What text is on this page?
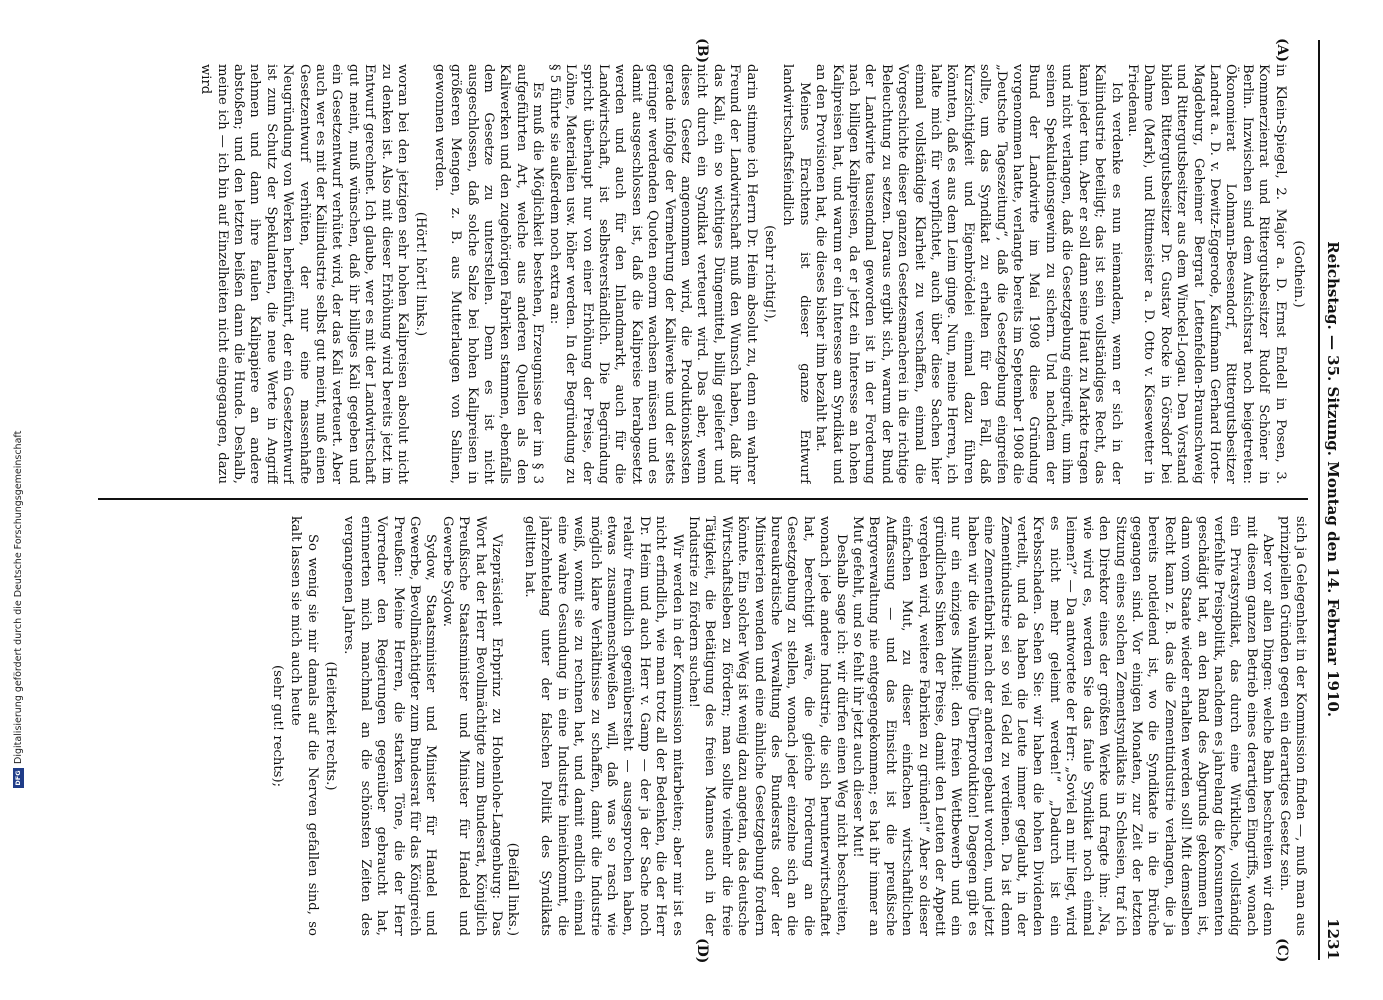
DFG
Digitalisierung gefördert durch die Deutsche Forschungsgemeinschaft	Reichstag. — 35. Sitzung. Montag den 14. Februar 1910.
1231
(A)
(B)
(C)
(D)

(Gothein.)

in Klein-Spiegel, 2. Major a. D. Ernst Endell in Posen, 3. Kommerzienrat und Rittergutsbesitzer Rudolf Schöner in Berlin. Inzwischen sind dem Aufsichtsrat noch beigetreten: Ökonomierat Lohmann-Beesendorf, Rittergutsbesitzer Landrat a. D. v. Dewitz-Eggerode, Kaufmann Gerhard Horte-Magdeburg, Geheimer Bergrat Lettenfelden-Braunschweig und Rittergutsbesitzer aus dem Winckel-Logau. Den Vorstand bilden Rittergutsbesitzer Dr. Gustav Rocke in Görsdorf bei Dahme (Mark), und Rittmeister a. D. Otto v. Kiesewetter in Friedenau.

Ich verdenke es nun niemandem, wenn er sich in der Kaliindustrie beteiligt; das ist sein vollständiges Recht, das kann jeder tun. Aber er soll dann seine Haut zu Markte tragen und nicht verlangen, daß die Gesetzgebung eingreift, um ihm seinen Spekulationsgewinn zu sichern. Und nachdem der Bund der Landwirte im Mai 1908 diese Gründung vorgenommen hatte, verlangte bereits im September 1908 die „Deutsche Tageszeitung“, daß die Gesetzgebung eingreifen sollte, um das Syndikat zu erhalten für den Fall, daß Kurzsichtigkeit und Eigenbrödelei einmal dazu führen könnten, daß es aus dem Leim ginge. Nun, meine Herren, ich halte mich für verpflichtet, auch über diese Sachen hier einmal vollständige Klarheit zu verschaffen, einmal die Vorgeschichte dieser ganzen Gesetzesmacherei in die richtige Beleuchtung zu setzen. Daraus ergibt sich, warum der Bund der Landwirte tausendmal geworden ist in der Forderung nach billigen Kalipreisen, da er jetzt ein Interesse an hohen Kalipreisen hat, und warum er ein Interesse am Syndikat und an den Provisionen hat, die dieses bisher ihm bezahlt hat.

Meines Erachtens ist dieser ganze Entwurf landwirtschaftsfeindlich

(sehr richtig!),

darin stimme ich Herrn Dr. Heim absolut zu, denn ein wahrer Freund der Landwirtschaft muß den Wunsch haben, daß ihr das Kali, ein so wichtiges Düngemittel, billig geliefert und nicht durch ein Syndikat verteuert wird. Das aber, wenn dieses Gesetz angenommen wird, die Produktionskosten gerade infolge der Vermehrung der Kaliwerke und der stets geringer werdenden Quoten enorm wachsen müssen und es damit ausgeschlossen ist, daß die Kalipreise herabgesetzt werden und auch für den Inlandmarkt, auch für die Landwirtschaft, ist selbstverständlich. Die Begründung spricht überhaupt nur von einer Erhöhung der Preise, der Löhne, Materialien usw. höher werden. In der Begründung zu § 5 führte sie außerdem noch extra an:

Es muß die Möglichkeit bestehen, Erzeugnisse der im § 3 aufgeführten Art, welche aus anderen Quellen als den Kaliwerken und den zugehörigen Fabriken stammen, ebenfalls dem Gesetze zu unterstellen. Denn es ist nicht ausgeschlossen, daß solche Salze bei hohen Kalipreisen in größeren Mengen, z. B. aus Mutterlaugen von Salinen, gewonnen werden.

(Hört! hört! links.)

woran bei den jetzigen sehr hohen Kalipreisen absolut nicht zu denken ist. Also mit dieser Erhöhung wird bereits jetzt im Entwurf gerechnet. Ich glaube, wer es mit der Landwirtschaft gut meint, muß wünschen, daß ihr billiges Kali gegeben und ein Gesetzentwurf verhütet wird, der das Kali verteuert. Aber auch wer es mit der Kaliindustrie selbst gut meint, muß einen Gesetzentwurf verhüten, der nur eine massenhafte Neugründung von Werken herbeiführt, der ein Gesetzentwurf ist zum Schutz der Spekulanten, die neue Werte in Angriff nehmen und dann ihre faulen Kalipapiere an andere abstoßen; und den letzten beißen dann die Hunde. Deshalb, meine ich — ich bin auf Einzelheiten nicht eingegangen, dazu wird

sich ja Gelegenheit in der Kommission finden —, muß man aus prinzipiellen Gründen gegen ein derartiges Gesetz sein.

Aber vor allen Dingen: welche Bahn beschreiten wir denn mit diesem ganzen Betrieb eines derartigen Eingriffs, wonach ein Privatsyndikat, das durch eine Wirkliche, vollständig verfehlte Preispolitik, nachdem es jahrelang die Konsumenten geschädigt hat, an den Rand des Abgrunds gekommen ist, dann vom Staate wieder erhalten werden soll! Mit demselben Recht kann z. B. das die Zementindustrie verlangen, die ja bereits notleidend ist, wo die Syndikate in die Brüche gegangen sind. Vor einigen Monaten, zur Zeit der letzten Sitzung eines solchen Zementsyndikats in Schlesien, traf ich den Direktor eines der größten Werke und fragte ihn: „Na, wie wird es, werden Sie das faule Syndikat noch einmal leimen?“ — Da antwortete der Herr: „Soviel an mir liegt, wird es nicht mehr geleimt werden!“ „Dadurch ist ein Krebsschaden. Sehen Sie: wir haben die hohen Dividenden verteilt, und da haben die Leute immer geglaubt, in der Zementindustrie sei so viel Geld zu verdienen. Da ist denn eine Zementfabrik nach der anderen gebaut worden, und jetzt haben wir die wahnsinnige Überproduktion! Dagegen gibt es nur ein einziges Mittel: den freien Wettbewerb und ein gründliches Sinken der Preise, damit den Leuten der Appetit vergehen wird, weitere Fabriken zu gründen!“ Aber so dieser einfachen Mut, zu dieser einfachen wirtschaftlichen Auffassung — und das Einsicht ist die preußische Bergverwaltung nie entgegengekommen; es hat ihr immer an Mut gefehlt, und so fehlt ihr jetzt auch dieser Mut!

Deshalb sage ich: wir dürfen einen Weg nicht beschreiten, wonach jede andere Industrie, die sich herunterwirtschaftet hat, berechtigt wäre, die gleiche Forderung an die Gesetzgebung zu stellen, wonach jeder einzelne sich an die bureaukratische Verwaltung des Bundesrats oder der Ministerien wenden und eine ähnliche Gesetzgebung fordern könnte. Ein solcher Weg ist wenig dazu angetan, das deutsche Wirtschaftsleben zu fördern; man sollte vielmehr die freie Tätigkeit, die Betätigung des freien Mannes auch in der Industrie zu fördern suchen!

Wir werden in der Kommission mitarbeiten; aber mir ist es nicht erfindlich, wie man trotz all der Bedenken, die der Herr Dr. Heim und auch Herr v. Gamp — der ja der Sache noch relativ freundlich gegenübersteht — ausgesprochen haben, etwas zusammenschweißen will, daß was so rasch wie möglich klare Verhältnisse zu schaffen, damit die Industrie weiß, womit sie zu rechnen hat, und damit endlich einmal eine wahre Gesundung in eine Industrie hineinkommt, die jahrzehntelang unter der falschen Politik des Syndikats gelitten hat.

(Beifall links.)

Vizepräsident Erbprinz zu Hohenlohe-Langenburg: Das Wort hat der Herr Bevollmächtigte zum Bundesrat, Königlich Preußische Staatsminister und Minister für Handel und Gewerbe Sydow.

Sydow, Staatsminister und Minister für Handel und Gewerbe, Bevollmächtigter zum Bundesrat für das Königreich Preußen: Meine Herren, die starken Töne, die der Herr Vorredner den Regierungen gegenüber gebraucht hat, erinnerten mich manchmal an die schönsten Zeiten des vergangenen Jahres.

(Heiterkeit rechts.)

So wenig sie mir damals auf die Nerven gefallen sind, so kalt lassen sie mich auch heute

(sehr gut! rechts);
